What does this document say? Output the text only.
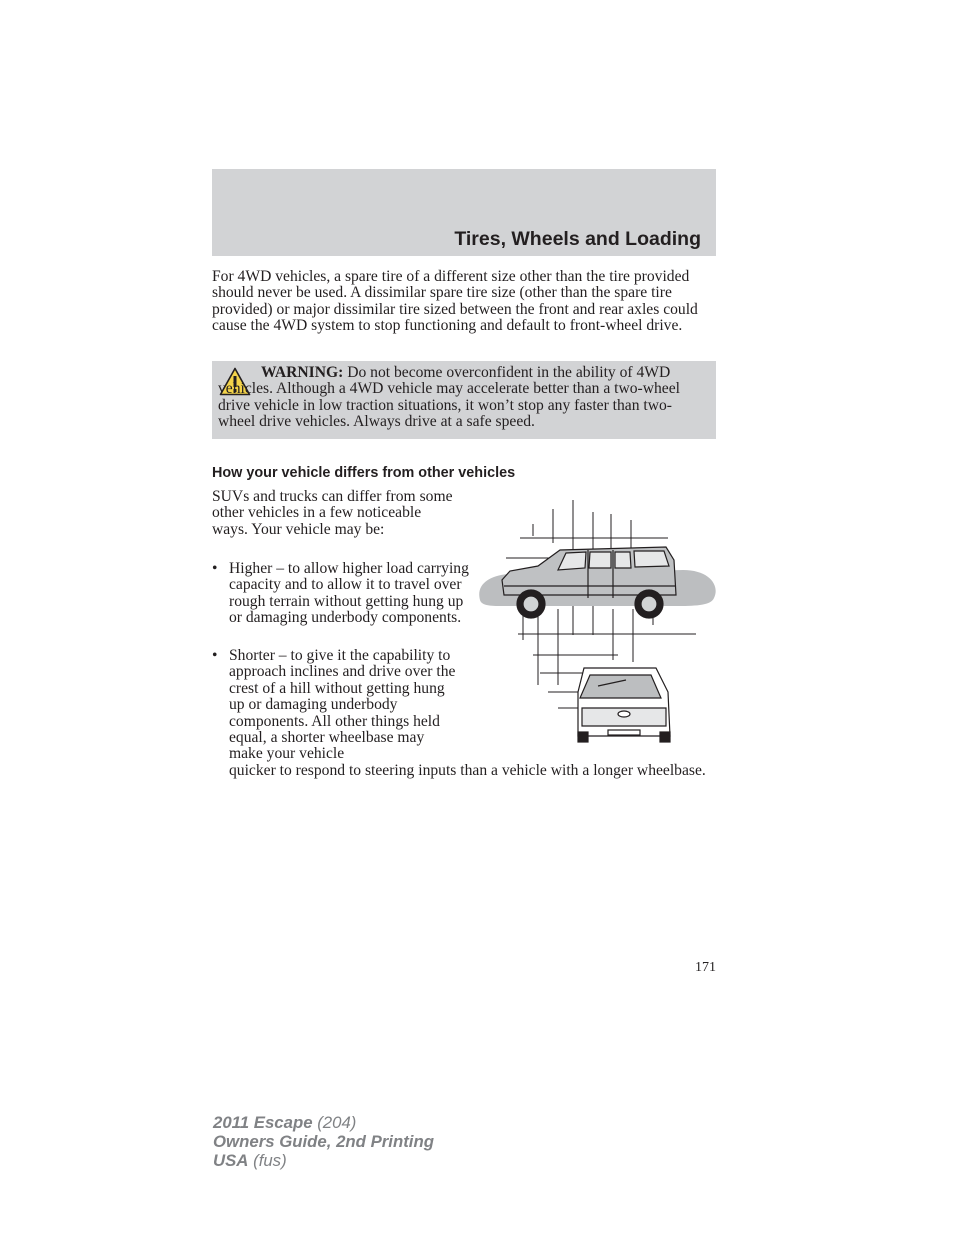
Tires, Wheels and Loading

For 4WD vehicles, a spare tire of a different size other than the tire provided should never be used. A dissimilar spare tire size (other than the spare tire provided) or major dissimilar tire sized between the front and rear axles could cause the 4WD system to stop functioning and default to front-wheel drive.

WARNING: Do not become overconfident in the ability of 4WD vehicles. Although a 4WD vehicle may accelerate better than a two-wheel drive vehicle in low traction situations, it won’t stop any faster than two-wheel drive vehicles. Always drive at a safe speed.

How your vehicle differs from other vehicles

SUVs and trucks can differ from some other vehicles in a few noticeable ways. Your vehicle may be:

• Higher – to allow higher load carrying capacity and to allow it to travel over rough terrain without getting hung up or damaging underbody components.
• Shorter – to give it the capability to approach inclines and drive over the crest of a hill without getting hung up or damaging underbody components. All other things held equal, a shorter wheelbase may make your vehicle

quicker to respond to steering inputs than a vehicle with a longer wheelbase.

171
2011 Escape (204)
Owners Guide, 2nd Printing
USA (fus)
